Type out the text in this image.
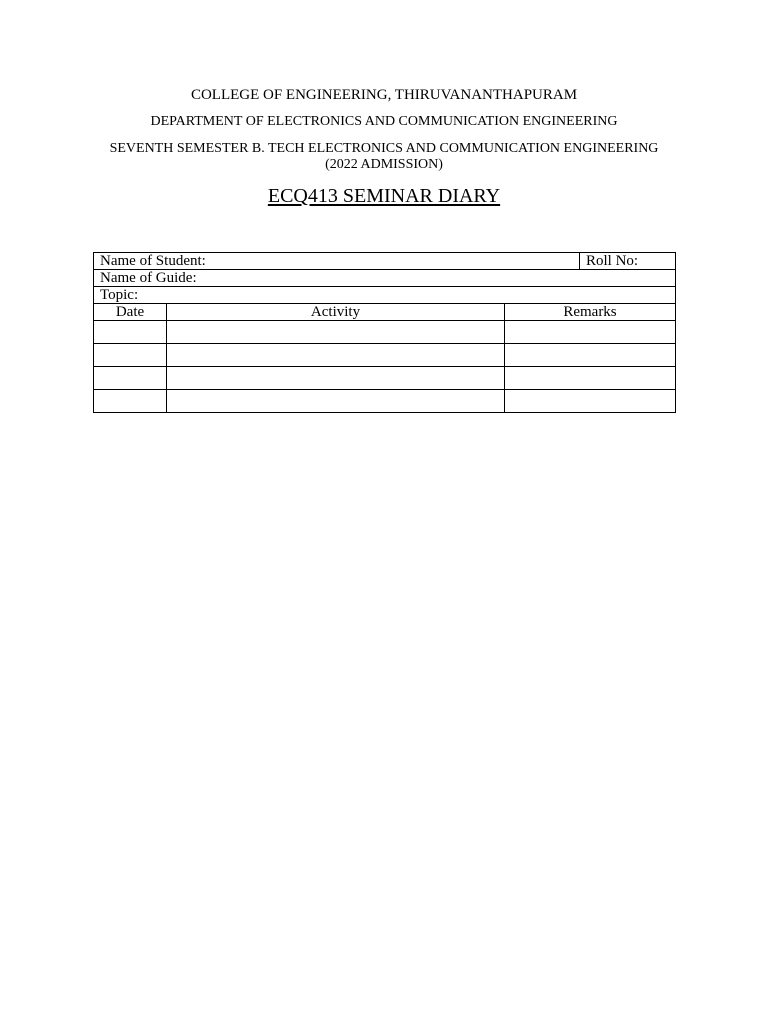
COLLEGE OF ENGINEERING, THIRUVANANTHAPURAM
DEPARTMENT OF ELECTRONICS AND COMMUNICATION ENGINEERING
SEVENTH SEMESTER B. TECH ELECTRONICS AND COMMUNICATION ENGINEERING
(2022 ADMISSION)
ECQ413 SEMINAR DIARY
Name of Student:			Roll No:
Name of Guide:			
Topic:			
Date	Activity	Remarks	
